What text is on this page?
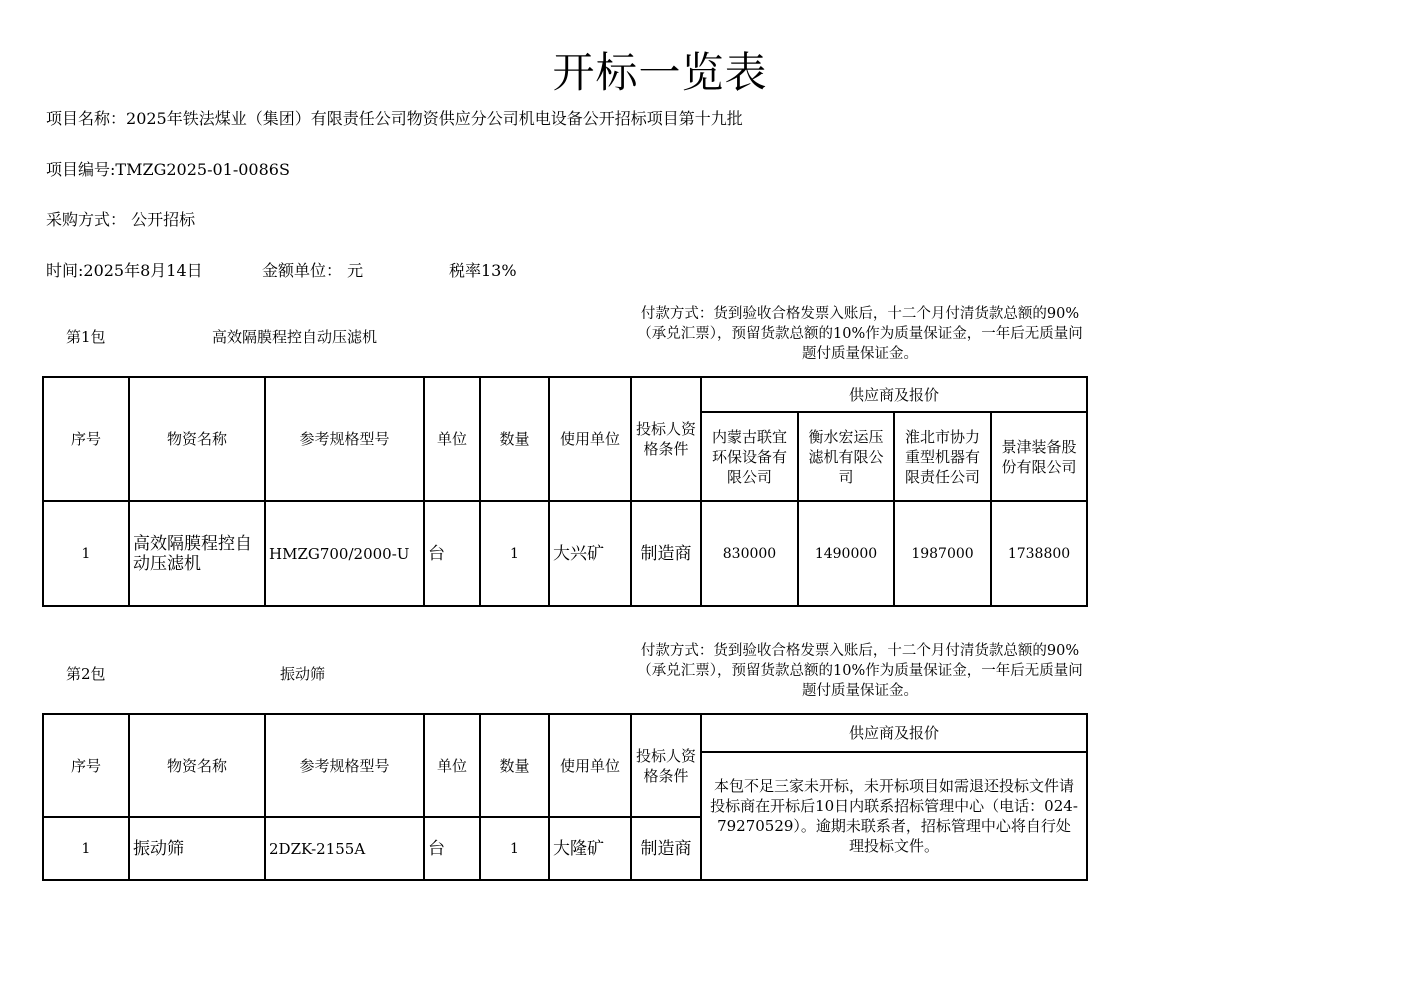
开标一览表
项目名称：2025年铁法煤业（集团）有限责任公司物资供应分公司机电设备公开招标项目第十九批
项目编号:TMZG2025-01-0086S
采购方式： 公开招标
时间:2025年8月14日	金额单位： 元	税率13%
第1包	高效隔膜程控自动压滤机
付款方式：货到验收合格发票入账后，十二个月付清货款总额的90%（承兑汇票），预留货款总额的10%作为质量保证金，一年后无质量问题付质量保证金。
序号	物资名称	参考规格型号	单位	数量	使用单位	投标人资格条件	供应商及报价			
							内蒙古联宜环保设备有限公司	衡水宏运压滤机有限公司	淮北市协力重型机器有限责任公司	景津装备股份有限公司
1	高效隔膜程控自动压滤机	HMZG700/2000-U	台	1	大兴矿	制造商	830000	1490000	1987000	1738800
第2包	振动筛
付款方式：货到验收合格发票入账后，十二个月付清货款总额的90%（承兑汇票），预留货款总额的10%作为质量保证金，一年后无质量问题付质量保证金。
序号	物资名称	参考规格型号	单位	数量	使用单位	投标人资格条件	供应商及报价
							本包不足三家未开标，未开标项目如需退还投标文件请投标商在开标后10日内联系招标管理中心（电话：024-79270529）。逾期未联系者，招标管理中心将自行处理投标文件。
1	振动筛	2DZK-2155A	台	1	大隆矿	制造商	
